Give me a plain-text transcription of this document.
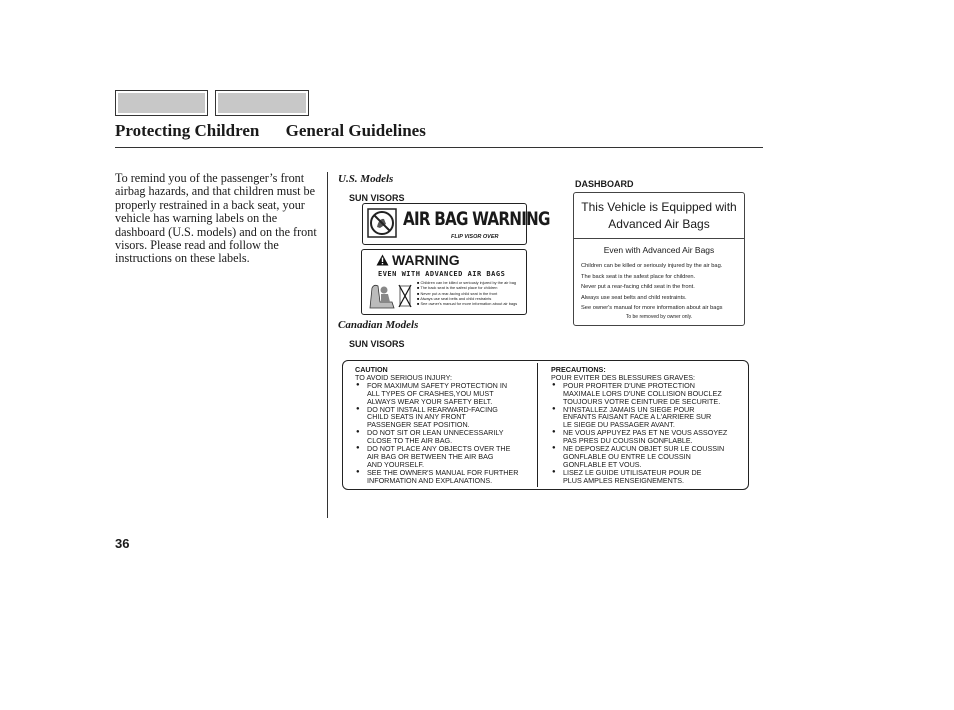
Protecting Children General Guidelines
To remind you of the passenger’s front airbag hazards, and that children must be properly restrained in a back seat, your vehicle has warning labels on the dashboard (U.S. models) and on the front visors. Please read and follow the instructions on these labels.
U.S. Models
SUN VISORS
DASHBOARD
AIR BAG WARNING
FLIP VISOR OVER
WARNING
EVEN WITH ADVANCED AIR BAGS
■ Children can be killed or seriously injured by the air bag
■ The back seat is the safest place for children
■ Never put a rear-facing child seat in the front
■ Always use seat belts and child restraints
■ See owner's manual for more information about air bags
This Vehicle is Equipped with
Advanced Air Bags
Even with Advanced Air Bags
Children can be killed or seriously injured by the air bag.
The back seat is the safest place for children.
Never put a rear-facing child seat in the front.
Always use seat belts and child restraints.
See owner's manual for more information about air bags
To be removed by owner only.
Canadian Models
SUN VISORS
CAUTION
TO AVOID SERIOUS INJURY:
● FOR MAXIMUM SAFETY PROTECTION IN
ALL TYPES OF CRASHES,YOU MUST
ALWAYS WEAR YOUR SAFETY BELT.
● DO NOT INSTALL REARWARD-FACING
CHILD SEATS IN ANY FRONT
PASSENGER SEAT POSITION.
● DO NOT SIT OR LEAN UNNECESSARILY
CLOSE TO THE AIR BAG.
● DO NOT PLACE ANY OBJECTS OVER THE
AIR BAG OR BETWEEN THE AIR BAG
AND YOURSELF.
● SEE THE OWNER'S MANUAL FOR FURTHER
INFORMATION AND EXPLANATIONS.
PRECAUTIONS:
POUR EVITER DES BLESSURES GRAVES:
● POUR PROFITER D'UNE PROTECTION
MAXIMALE LORS D'UNE COLLISION BOUCLEZ
TOUJOURS VOTRE CEINTURE DE SECURITE.
● N'INSTALLEZ JAMAIS UN SIEGE POUR
ENFANTS FAISANT FACE A L'ARRIERE SUR
LE SIEGE DU PASSAGER AVANT.
● NE VOUS APPUYEZ PAS ET NE VOUS ASSOYEZ
PAS PRES DU COUSSIN GONFLABLE.
● NE DEPOSEZ AUCUN OBJET SUR LE COUSSIN
GONFLABLE OU ENTRE LE COUSSIN
GONFLABLE ET VOUS.
● LISEZ LE GUIDE UTILISATEUR POUR DE
PLUS AMPLES RENSEIGNEMENTS.
36
